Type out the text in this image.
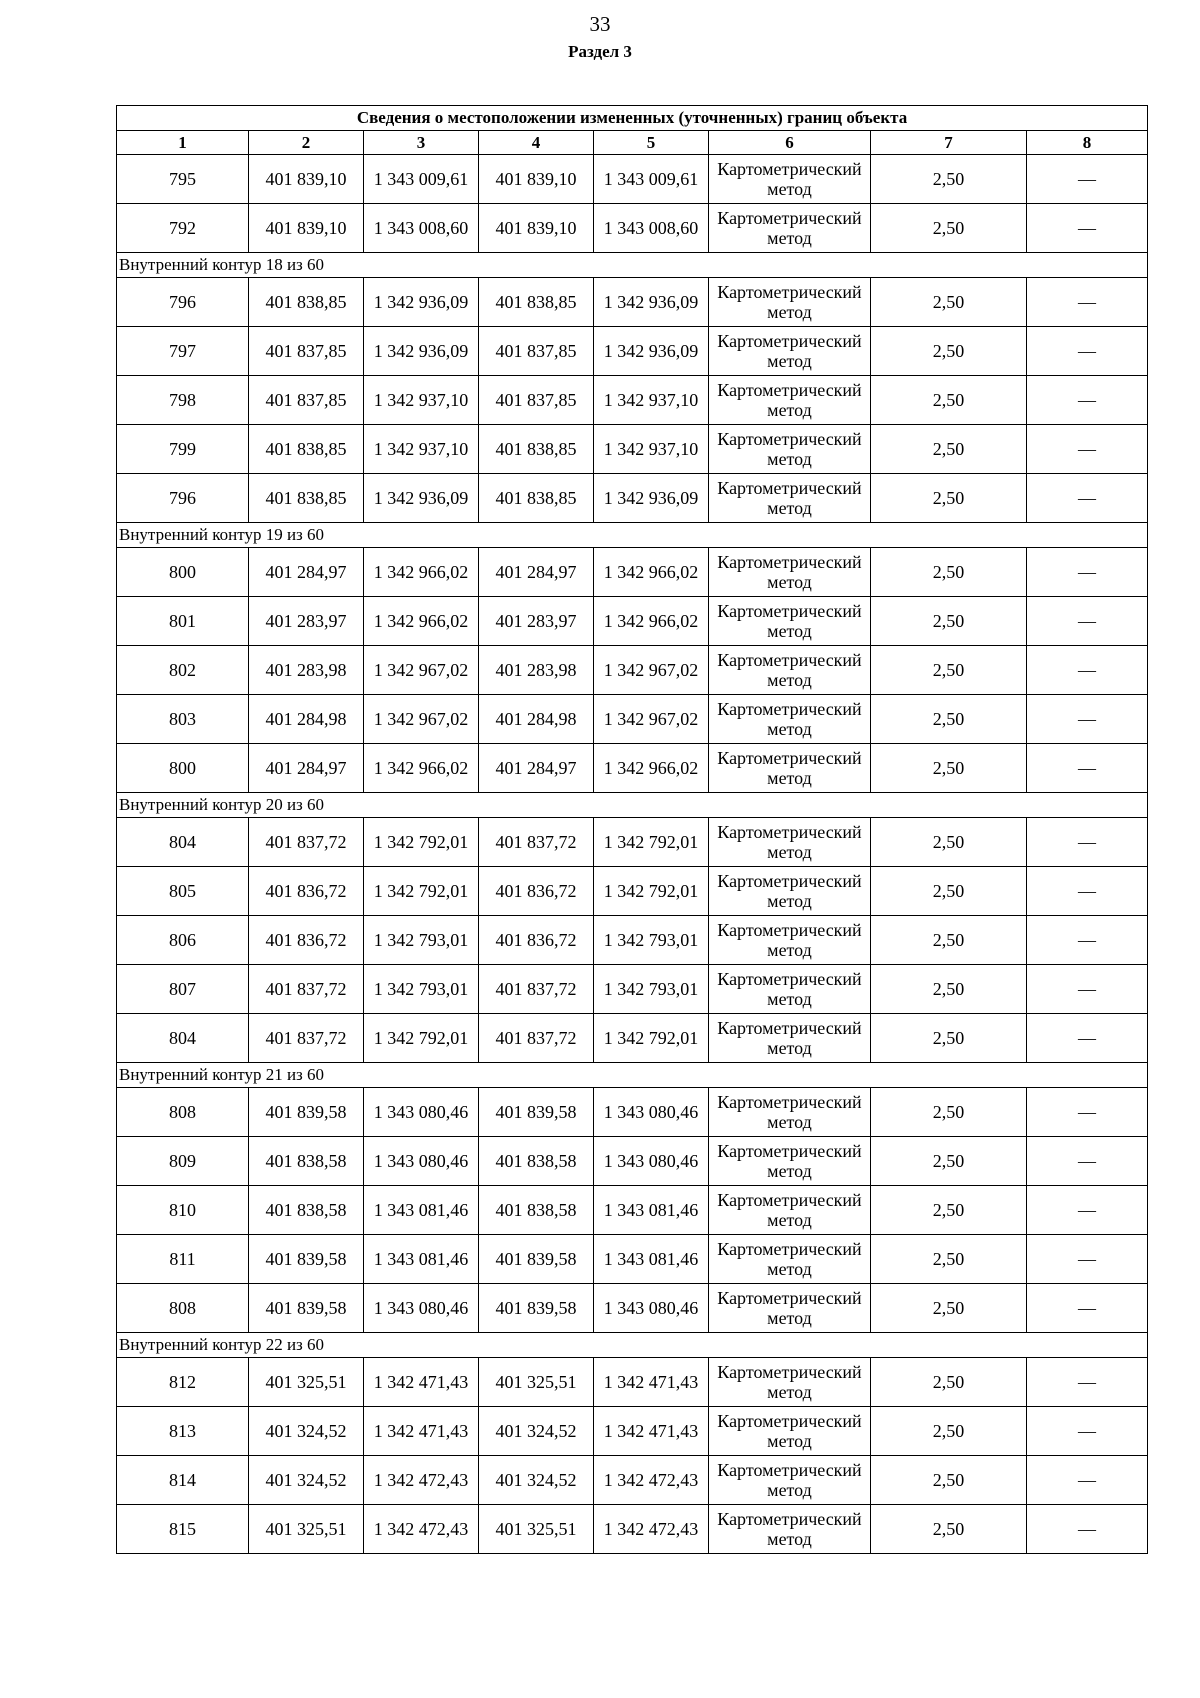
33
Раздел 3
Сведения о местоположении измененных (уточненных) границ объекта							
1	2	3	4	5	6	7	8
795	401 839,10	1 343 009,61	401 839,10	1 343 009,61	Картометрический метод	2,50	—
792	401 839,10	1 343 008,60	401 839,10	1 343 008,60	Картометрический метод	2,50	—
Внутренний контур 18 из 60							
796	401 838,85	1 342 936,09	401 838,85	1 342 936,09	Картометрический метод	2,50	—
797	401 837,85	1 342 936,09	401 837,85	1 342 936,09	Картометрический метод	2,50	—
798	401 837,85	1 342 937,10	401 837,85	1 342 937,10	Картометрический метод	2,50	—
799	401 838,85	1 342 937,10	401 838,85	1 342 937,10	Картометрический метод	2,50	—
796	401 838,85	1 342 936,09	401 838,85	1 342 936,09	Картометрический метод	2,50	—
Внутренний контур 19 из 60							
800	401 284,97	1 342 966,02	401 284,97	1 342 966,02	Картометрический метод	2,50	—
801	401 283,97	1 342 966,02	401 283,97	1 342 966,02	Картометрический метод	2,50	—
802	401 283,98	1 342 967,02	401 283,98	1 342 967,02	Картометрический метод	2,50	—
803	401 284,98	1 342 967,02	401 284,98	1 342 967,02	Картометрический метод	2,50	—
800	401 284,97	1 342 966,02	401 284,97	1 342 966,02	Картометрический метод	2,50	—
Внутренний контур 20 из 60							
804	401 837,72	1 342 792,01	401 837,72	1 342 792,01	Картометрический метод	2,50	—
805	401 836,72	1 342 792,01	401 836,72	1 342 792,01	Картометрический метод	2,50	—
806	401 836,72	1 342 793,01	401 836,72	1 342 793,01	Картометрический метод	2,50	—
807	401 837,72	1 342 793,01	401 837,72	1 342 793,01	Картометрический метод	2,50	—
804	401 837,72	1 342 792,01	401 837,72	1 342 792,01	Картометрический метод	2,50	—
Внутренний контур 21 из 60							
808	401 839,58	1 343 080,46	401 839,58	1 343 080,46	Картометрический метод	2,50	—
809	401 838,58	1 343 080,46	401 838,58	1 343 080,46	Картометрический метод	2,50	—
810	401 838,58	1 343 081,46	401 838,58	1 343 081,46	Картометрический метод	2,50	—
811	401 839,58	1 343 081,46	401 839,58	1 343 081,46	Картометрический метод	2,50	—
808	401 839,58	1 343 080,46	401 839,58	1 343 080,46	Картометрический метод	2,50	—
Внутренний контур 22 из 60							
812	401 325,51	1 342 471,43	401 325,51	1 342 471,43	Картометрический метод	2,50	—
813	401 324,52	1 342 471,43	401 324,52	1 342 471,43	Картометрический метод	2,50	—
814	401 324,52	1 342 472,43	401 324,52	1 342 472,43	Картометрический метод	2,50	—
815	401 325,51	1 342 472,43	401 325,51	1 342 472,43	Картометрический метод	2,50	—
